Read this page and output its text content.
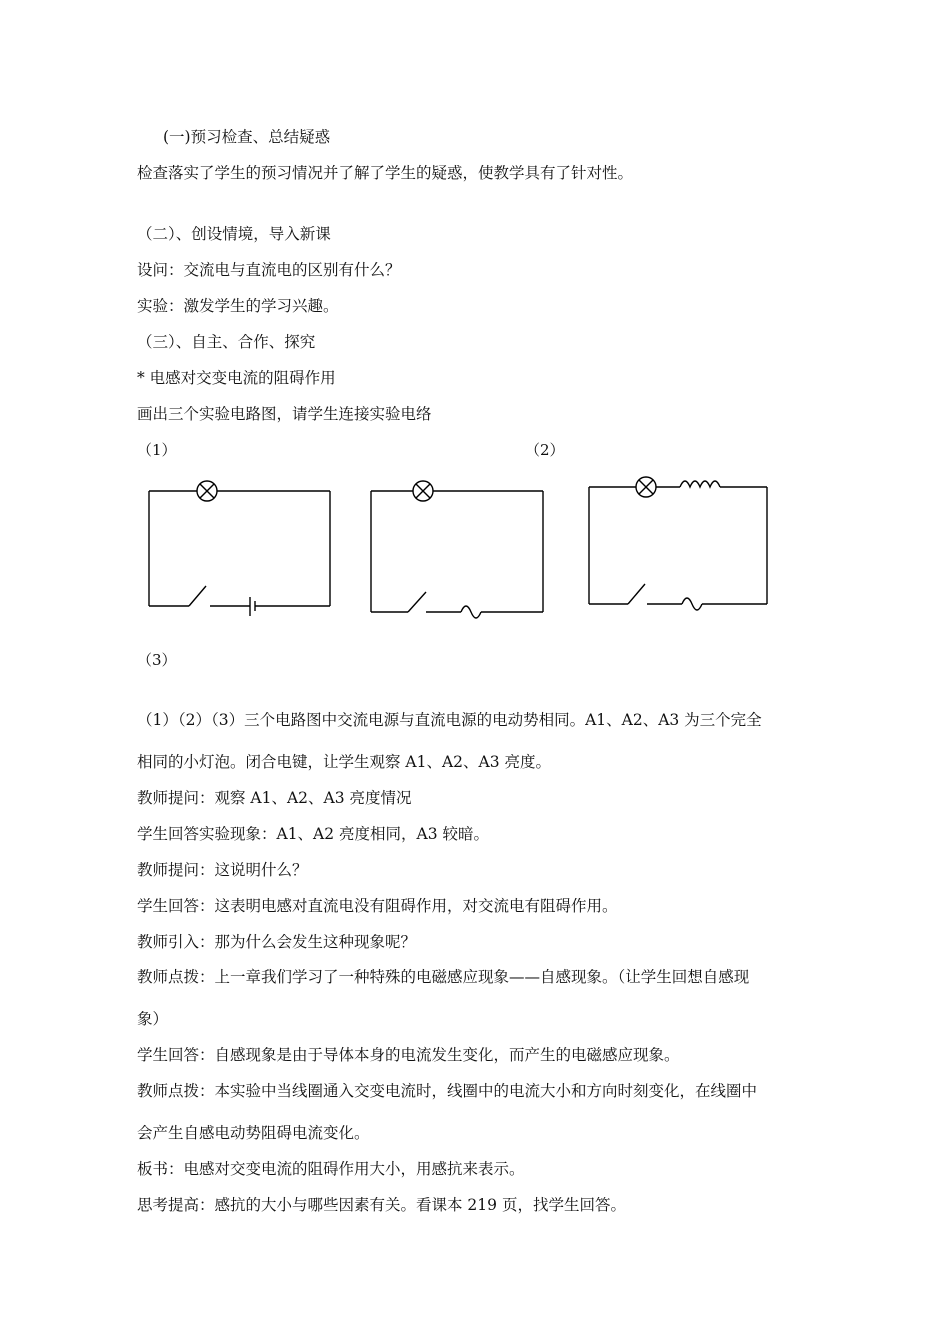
(一)预习检查、总结疑惑
检查落实了学生的预习情况并了解了学生的疑惑，使教学具有了针对性。
（二）、创设情境，导入新课
设问：交流电与直流电的区别有什么？
实验：激发学生的学习兴趣。
（三）、自主、合作、探究
* 电感对交变电流的阻碍作用
画出三个实验电路图，请学生连接实验电络
（1）	（2）
（3）
（1）（2）（3）三个电路图中交流电源与直流电源的电动势相同。A1、A2、A3 为三个完全
相同的小灯泡。闭合电键，让学生观察 A1、A2、A3 亮度。
教师提问：观察 A1、A2、A3 亮度情况
学生回答实验现象：A1、A2 亮度相同，A3 较暗。
教师提问：这说明什么？
学生回答：这表明电感对直流电没有阻碍作用，对交流电有阻碍作用。
教师引入：那为什么会发生这种现象呢？
教师点拨：上一章我们学习了一种特殊的电磁感应现象——自感现象。（让学生回想自感现
象）
学生回答：自感现象是由于导体本身的电流发生变化，而产生的电磁感应现象。
教师点拨：本实验中当线圈通入交变电流时，线圈中的电流大小和方向时刻变化，在线圈中
会产生自感电动势阻碍电流变化。
板书：电感对交变电流的阻碍作用大小，用感抗来表示。
思考提高：感抗的大小与哪些因素有关。看课本 219 页，找学生回答。
